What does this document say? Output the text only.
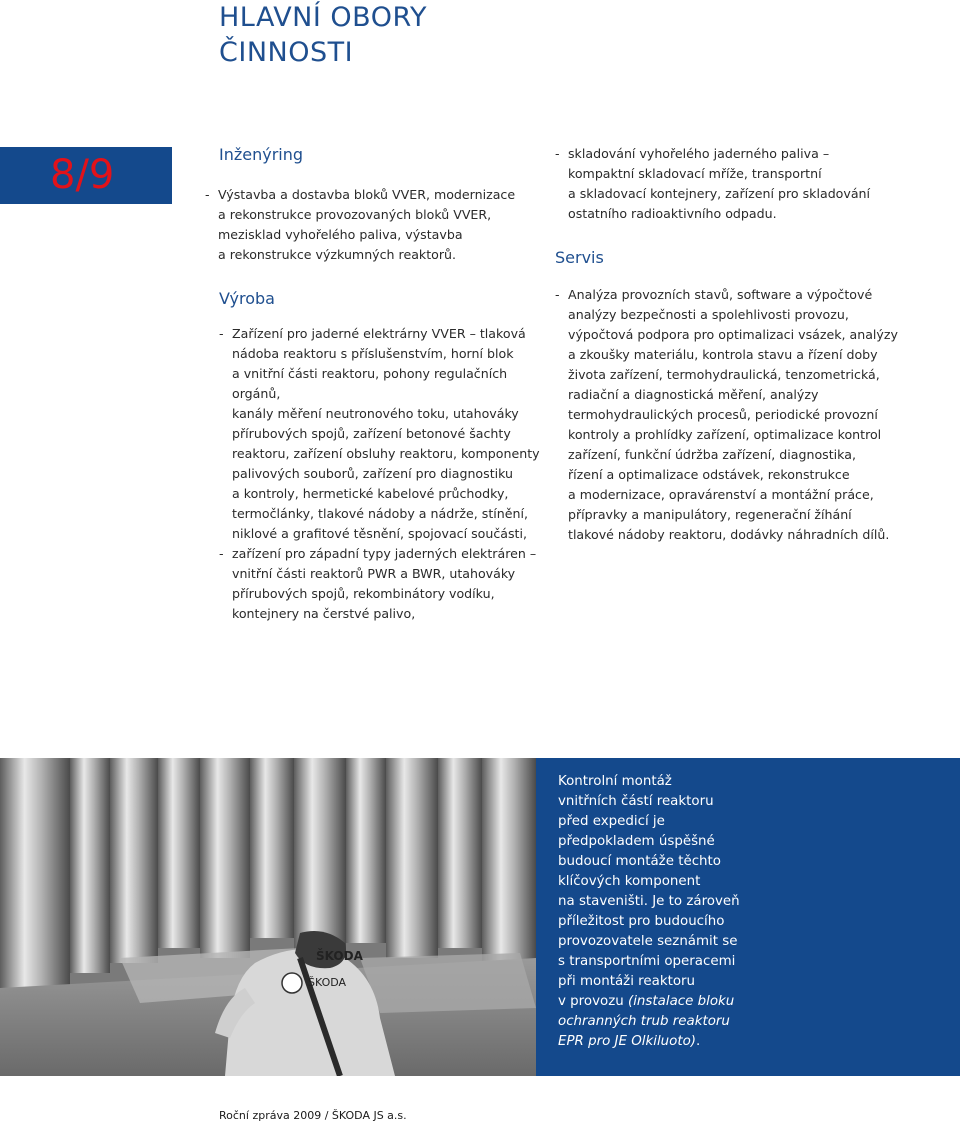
HLAVNÍ OBORY
ČINNOSTI
8/9	Inženýring
- Výstavba a dostavba bloků VVER, modernizace
a rekonstrukce provozovaných bloků VVER,
mezisklad vyhořelého paliva, výstavba
a rekonstrukce výzkumných reaktorů.
Výroba
- Zařízení pro jaderné elektrárny VVER – tlaková
nádoba reaktoru s příslušenstvím, horní blok
a vnitřní části reaktoru, pohony regulačních orgánů,
kanály měření neutronového toku, utahováky
přírubových spojů, zařízení betonové šachty
reaktoru, zařízení obsluhy reaktoru, komponenty
palivových souborů, zařízení pro diagnostiku
a kontroly, hermetické kabelové průchodky,
termočlánky, tlakové nádoby a nádrže, stínění,
niklové a grafitové těsnění, spojovací součásti,
- zařízení pro západní typy jaderných elektráren –
vnitřní části reaktorů PWR a BWR, utahováky
přírubových spojů, rekombinátory vodíku,
kontejnery na čerstvé palivo,
- skladování vyhořelého jaderného paliva –
kompaktní skladovací mříže, transportní
a skladovací kontejnery, zařízení pro skladování
ostatního radioaktivního odpadu.
Servis
- Analýza provozních stavů, software a výpočtové
analýzy bezpečnosti a spolehlivosti provozu,
výpočtová podpora pro optimalizaci vsázek, analýzy
a zkoušky materiálu, kontrola stavu a řízení doby
života zařízení, termohydraulická, tenzometrická,
radiační a diagnostická měření, analýzy
termohydraulických procesů, periodické provozní
kontroly a prohlídky zařízení, optimalizace kontrol
zařízení, funkční údržba zařízení, diagnostika,
řízení a optimalizace odstávek, rekonstrukce
a modernizace, opravárenství a montážní práce,
přípravky a manipulátory, regenerační žíhání
tlakové nádoby reaktoru, dodávky náhradních dílů.
ŠKODA
ŠKODA
Kontrolní montáž
vnitřních částí reaktoru
před expedicí je
předpokladem úspěšné
budoucí montáže těchto
klíčových komponent
na staveništi. Je to zároveň
příležitost pro budoucího
provozovatele seznámit se
s transportními operacemi
při montáži reaktoru
v provozu (instalace bloku
ochranných trub reaktoru
EPR pro JE Olkiluoto).
Roční zpráva 2009 / ŠKODA JS a.s.
